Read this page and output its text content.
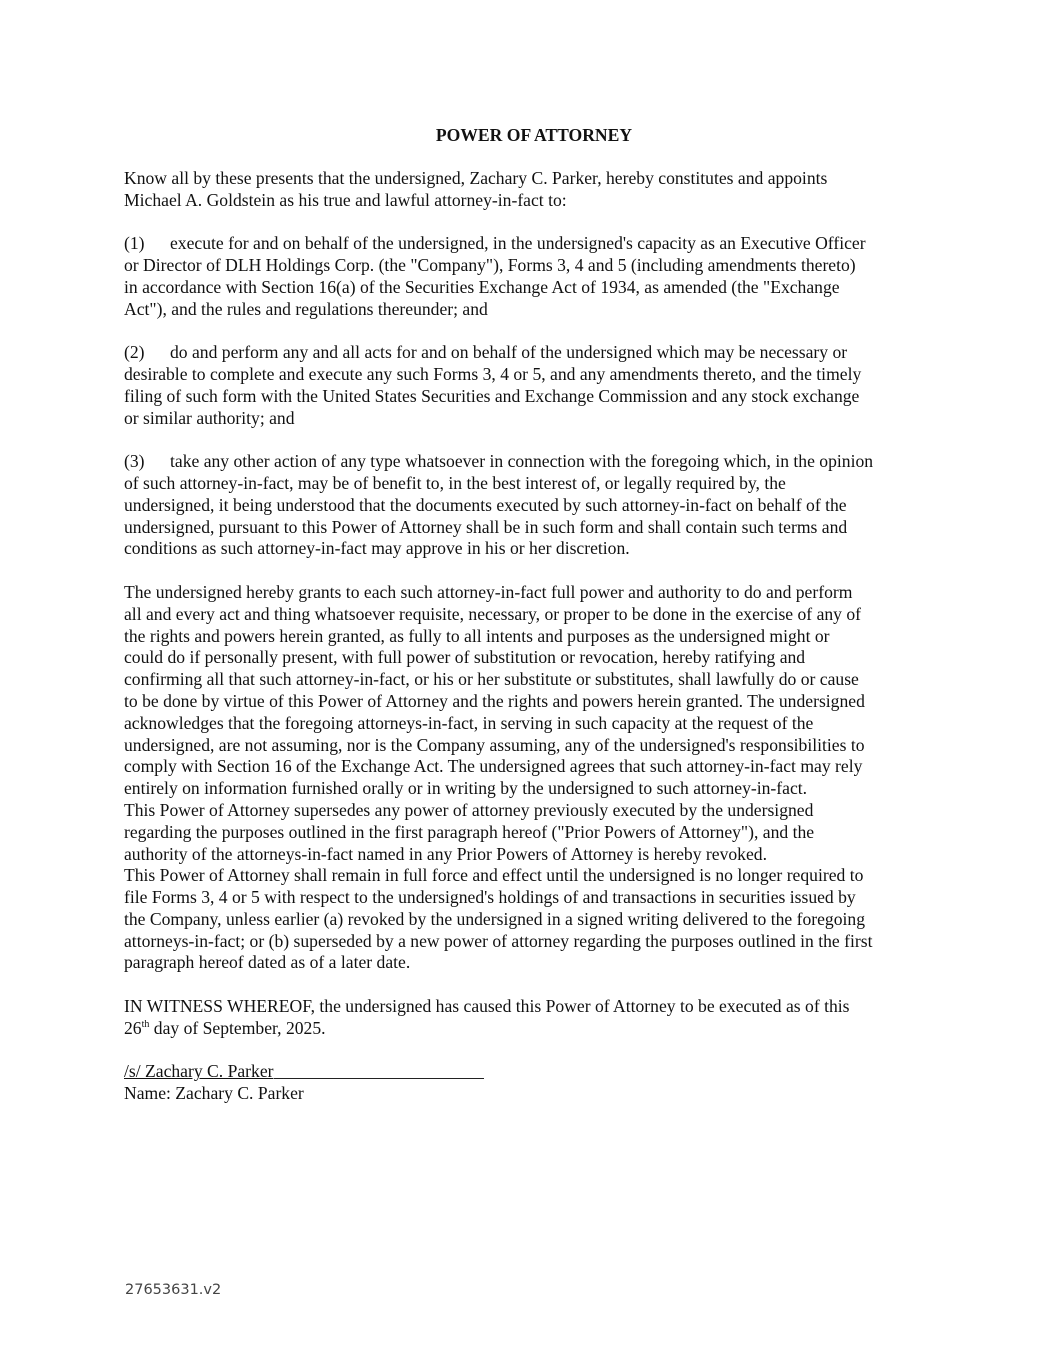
POWER OF ATTORNEY
Know all by these presents that the undersigned, Zachary C. Parker, hereby constitutes and appoints
Michael A. Goldstein as his true and lawful attorney-in-fact to:
(1) execute for and on behalf of the undersigned, in the undersigned's capacity as an Executive Officer
or Director of DLH Holdings Corp. (the "Company"), Forms 3, 4 and 5 (including amendments thereto)
in accordance with Section 16(a) of the Securities Exchange Act of 1934, as amended (the "Exchange
Act"), and the rules and regulations thereunder; and
(2) do and perform any and all acts for and on behalf of the undersigned which may be necessary or
desirable to complete and execute any such Forms 3, 4 or 5, and any amendments thereto, and the timely
filing of such form with the United States Securities and Exchange Commission and any stock exchange
or similar authority; and
(3) take any other action of any type whatsoever in connection with the foregoing which, in the opinion
of such attorney-in-fact, may be of benefit to, in the best interest of, or legally required by, the
undersigned, it being understood that the documents executed by such attorney-in-fact on behalf of the
undersigned, pursuant to this Power of Attorney shall be in such form and shall contain such terms and
conditions as such attorney-in-fact may approve in his or her discretion.
The undersigned hereby grants to each such attorney-in-fact full power and authority to do and perform
all and every act and thing whatsoever requisite, necessary, or proper to be done in the exercise of any of
the rights and powers herein granted, as fully to all intents and purposes as the undersigned might or
could do if personally present, with full power of substitution or revocation, hereby ratifying and
confirming all that such attorney-in-fact, or his or her substitute or substitutes, shall lawfully do or cause
to be done by virtue of this Power of Attorney and the rights and powers herein granted. The undersigned
acknowledges that the foregoing attorneys-in-fact, in serving in such capacity at the request of the
undersigned, are not assuming, nor is the Company assuming, any of the undersigned's responsibilities to
comply with Section 16 of the Exchange Act. The undersigned agrees that such attorney-in-fact may rely
entirely on information furnished orally or in writing by the undersigned to such attorney-in-fact.
This Power of Attorney supersedes any power of attorney previously executed by the undersigned
regarding the purposes outlined in the first paragraph hereof ("Prior Powers of Attorney"), and the
authority of the attorneys-in-fact named in any Prior Powers of Attorney is hereby revoked.
This Power of Attorney shall remain in full force and effect until the undersigned is no longer required to
file Forms 3, 4 or 5 with respect to the undersigned's holdings of and transactions in securities issued by
the Company, unless earlier (a) revoked by the undersigned in a signed writing delivered to the foregoing
attorneys-in-fact; or (b) superseded by a new power of attorney regarding the purposes outlined in the first
paragraph hereof dated as of a later date.
IN WITNESS WHEREOF, the undersigned has caused this Power of Attorney to be executed as of this
26th day of September, 2025.
/s/ Zachary C. Parker
Name: Zachary C. Parker
27653631.v2
